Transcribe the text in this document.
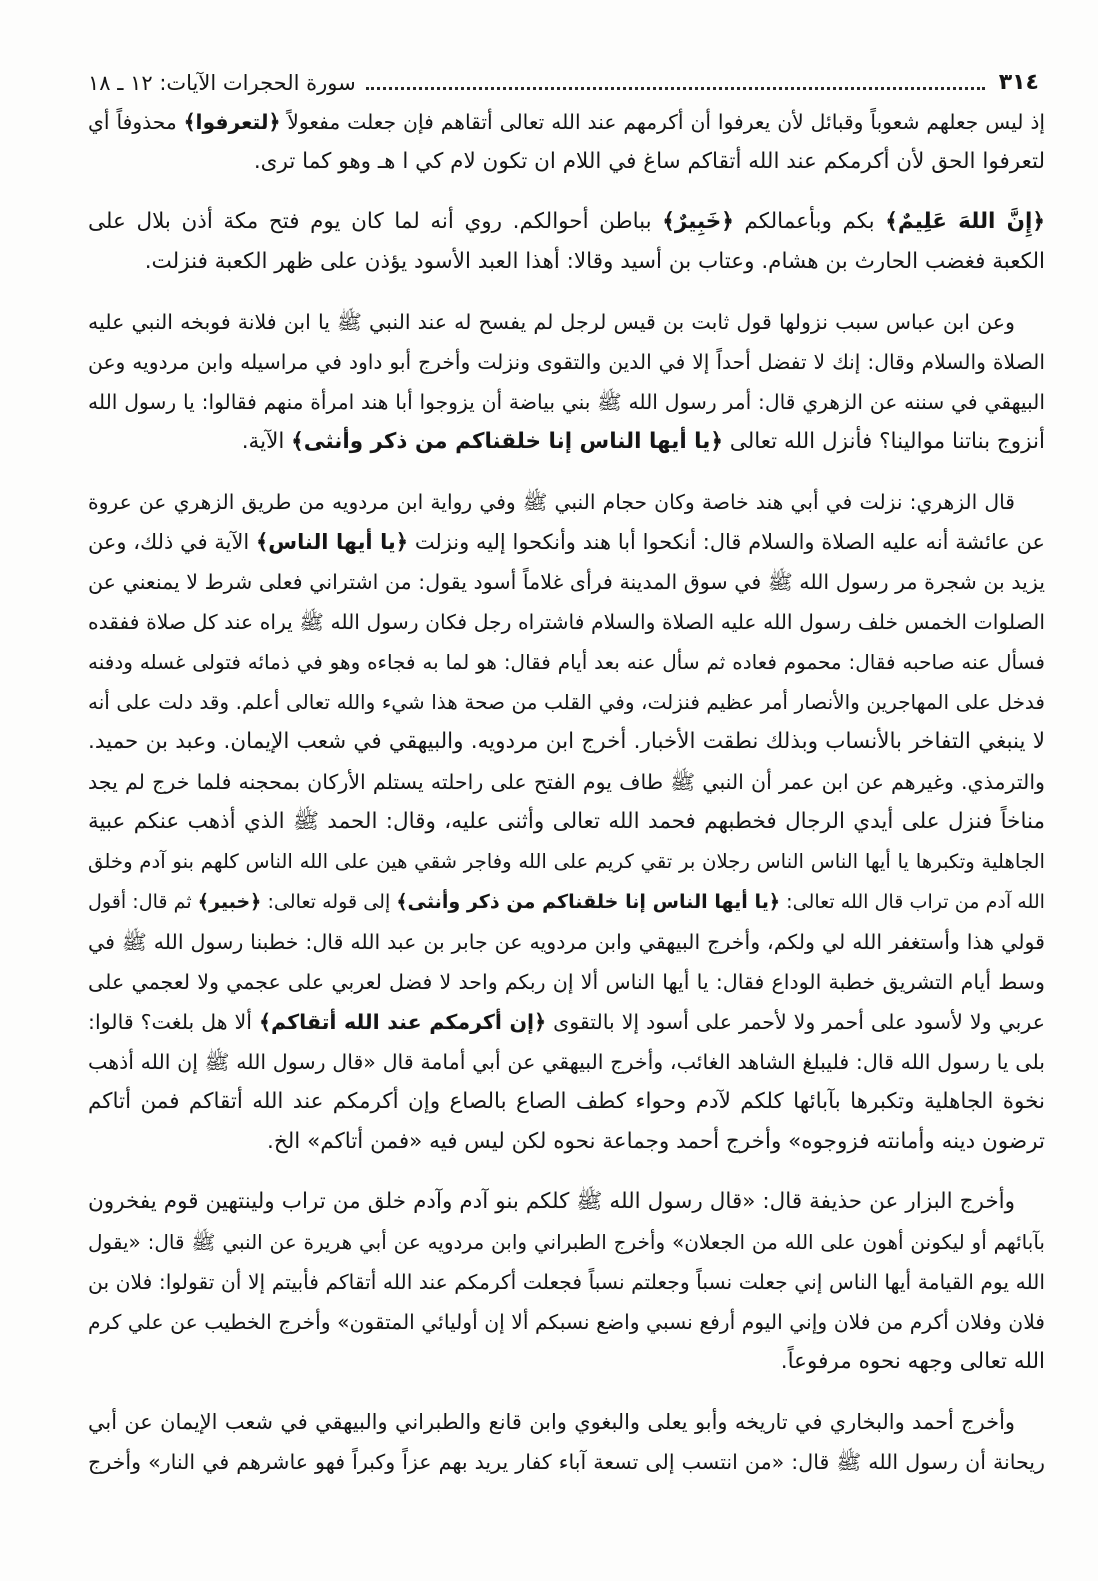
٣١٤
سورة الحجرات الآيات: ١٢ ـ ١٨
إذ ليس جعلهم شعوباً وقبائل لأن يعرفوا أن أكرمهم عند الله تعالى أتقاهم فإن جعلت مفعولاً ﴿لتعرفوا﴾ محذوفاً أي
لتعرفوا الحق لأن أكرمكم عند الله أتقاكم ساغ في اللام ان تكون لام كي ا هـ وهو كما ترى.
﴿إِنَّ اللهَ عَلِيمٌ﴾ بكم وبأعمالكم ﴿خَبِيرٌ﴾ بباطن أحوالكم. روي أنه لما كان يوم فتح مكة أذن بلال على
الكعبة فغضب الحارث بن هشام. وعتاب بن أسيد وقالا: أهذا العبد الأسود يؤذن على ظهر الكعبة فنزلت.
وعن ابن عباس سبب نزولها قول ثابت بن قيس لرجل لم يفسح له عند النبي ﷺ يا ابن فلانة فوبخه النبي عليه
الصلاة والسلام وقال: إنك لا تفضل أحداً إلا في الدين والتقوى ونزلت وأخرج أبو داود في مراسيله وابن مردويه وعن
البيهقي في سننه عن الزهري قال: أمر رسول الله ﷺ بني بياضة أن يزوجوا أبا هند امرأة منهم فقالوا: يا رسول الله
أنزوج بناتنا موالينا؟ فأنزل الله تعالى ﴿يا أيها الناس إنا خلقناكم من ذكر وأنثى﴾ الآية.
قال الزهري: نزلت في أبي هند خاصة وكان حجام النبي ﷺ وفي رواية ابن مردويه من طريق الزهري عن عروة
عن عائشة أنه عليه الصلاة والسلام قال: أنكحوا أبا هند وأنكحوا إليه ونزلت ﴿يا أيها الناس﴾ الآية في ذلك، وعن
يزيد بن شجرة مر رسول الله ﷺ في سوق المدينة فرأى غلاماً أسود يقول: من اشتراني فعلى شرط لا يمنعني عن
الصلوات الخمس خلف رسول الله عليه الصلاة والسلام فاشتراه رجل فكان رسول الله ﷺ يراه عند كل صلاة ففقده
فسأل عنه صاحبه فقال: محموم فعاده ثم سأل عنه بعد أيام فقال: هو لما به فجاءه وهو في ذمائه فتولى غسله ودفنه
فدخل على المهاجرين والأنصار أمر عظيم فنزلت، وفي القلب من صحة هذا شيء والله تعالى أعلم. وقد دلت على أنه
لا ينبغي التفاخر بالأنساب وبذلك نطقت الأخبار. أخرج ابن مردويه. والبيهقي في شعب الإيمان. وعبد بن حميد.
والترمذي. وغيرهم عن ابن عمر أن النبي ﷺ طاف يوم الفتح على راحلته يستلم الأركان بمحجنه فلما خرج لم يجد
مناخاً فنزل على أيدي الرجال فخطبهم فحمد الله تعالى وأثنى عليه، وقال: الحمد ﷺ الذي أذهب عنكم عبية
الجاهلية وتكبرها يا أيها الناس الناس رجلان بر تقي كريم على الله وفاجر شقي هين على الله الناس كلهم بنو آدم وخلق
الله آدم من تراب قال الله تعالى: ﴿يا أيها الناس إنا خلقناكم من ذكر وأنثى﴾ إلى قوله تعالى: ﴿خبير﴾ ثم قال: أقول
قولي هذا وأستغفر الله لي ولكم، وأخرج البيهقي وابن مردويه عن جابر بن عبد الله قال: خطبنا رسول الله ﷺ في
وسط أيام التشريق خطبة الوداع فقال: يا أيها الناس ألا إن ربكم واحد لا فضل لعربي على عجمي ولا لعجمي على
عربي ولا لأسود على أحمر ولا لأحمر على أسود إلا بالتقوى ﴿إن أكرمكم عند الله أتقاكم﴾ ألا هل بلغت؟ قالوا:
بلى يا رسول الله قال: فليبلغ الشاهد الغائب، وأخرج البيهقي عن أبي أمامة قال «قال رسول الله ﷺ إن الله أذهب
نخوة الجاهلية وتكبرها بآبائها كلكم لآدم وحواء كطف الصاع بالصاع وإن أكرمكم عند الله أتقاكم فمن أتاكم
ترضون دينه وأمانته فزوجوه» وأخرج أحمد وجماعة نحوه لكن ليس فيه «فمن أتاكم» الخ.
وأخرج البزار عن حذيفة قال: «قال رسول الله ﷺ كلكم بنو آدم وآدم خلق من تراب ولينتهين قوم يفخرون
بآبائهم أو ليكونن أهون على الله من الجعلان» وأخرج الطبراني وابن مردويه عن أبي هريرة عن النبي ﷺ قال: «يقول
الله يوم القيامة أيها الناس إني جعلت نسباً وجعلتم نسباً فجعلت أكرمكم عند الله أتقاكم فأبيتم إلا أن تقولوا: فلان بن
فلان وفلان أكرم من فلان وإني اليوم أرفع نسبي واضع نسبكم ألا إن أوليائي المتقون» وأخرج الخطيب عن علي كرم
الله تعالى وجهه نحوه مرفوعاً.
وأخرج أحمد والبخاري في تاريخه وأبو يعلى والبغوي وابن قانع والطبراني والبيهقي في شعب الإيمان عن أبي
ريحانة أن رسول الله ﷺ قال: «من انتسب إلى تسعة آباء كفار يريد بهم عزاً وكبراً فهو عاشرهم في النار» وأخرج
